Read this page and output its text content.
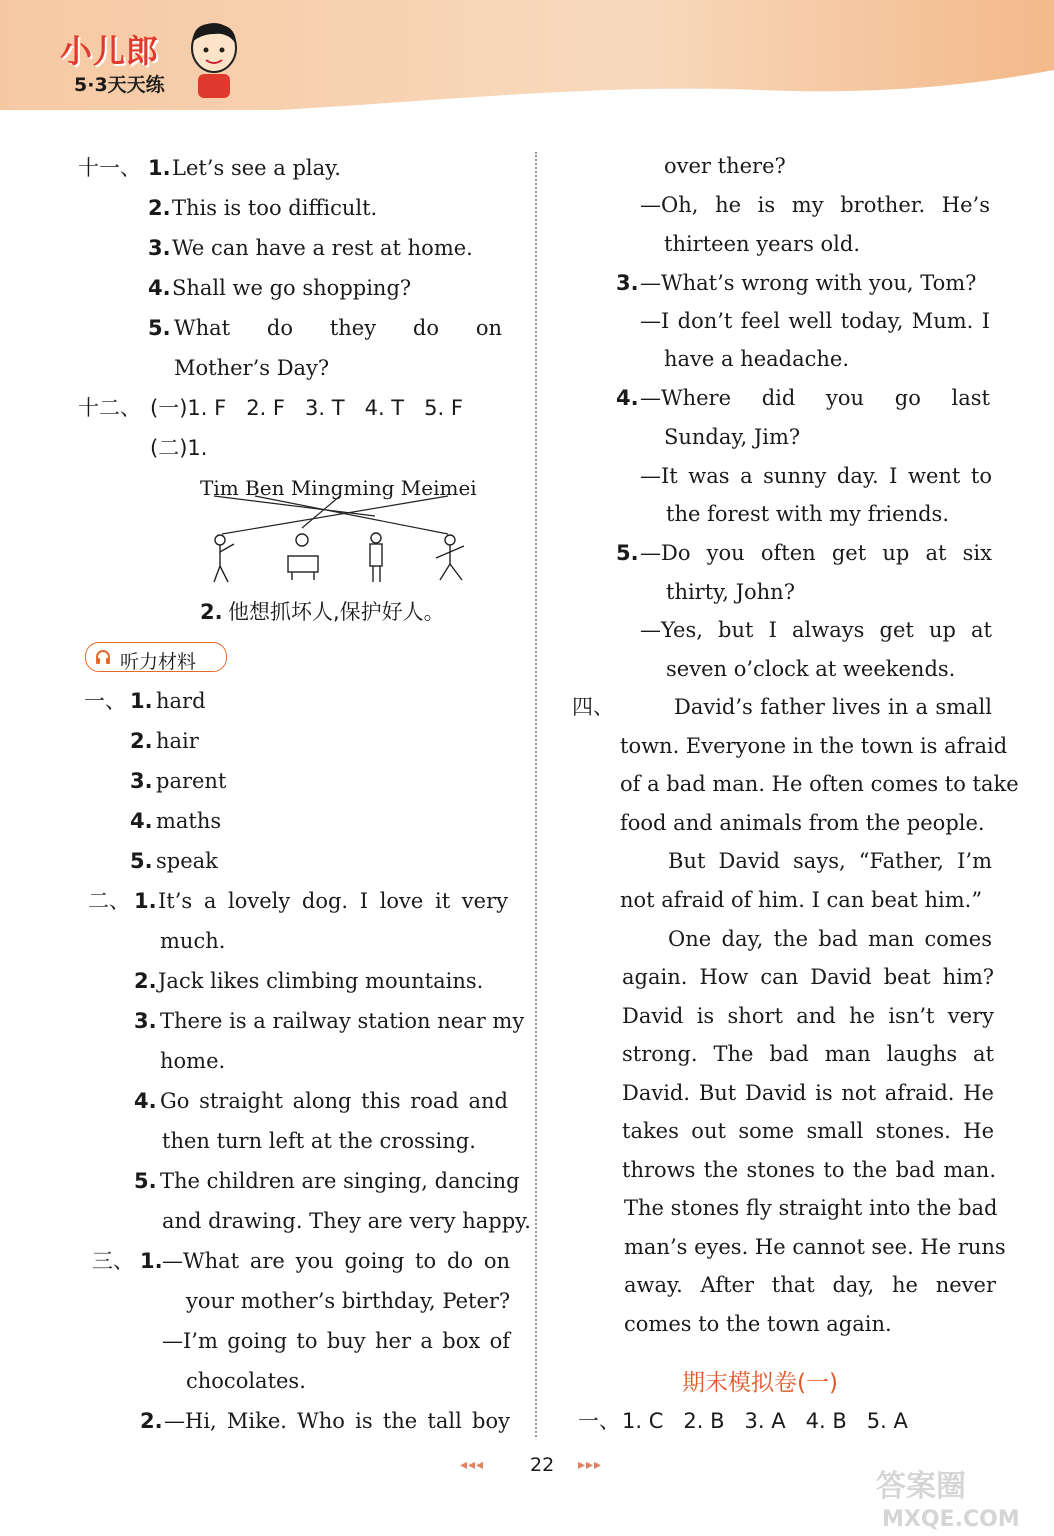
小儿郎
5·3天天练
十一、 1. Let’s see a play.
2. This is too difficult.
3. We can have a rest at home.
4. Shall we go shopping?
5. What do they do on
Mother’s Day?
十二、 (一)1. F   2. F   3. T   4. T   5. F
(二)1.
Tim Ben Mingming Meimei
2. 他想抓坏人,保护好人。
听力材料
一、 1. hard
2. hair
3. parent
4. maths
5. speak
二、 1. It’s a lovely dog. I love it very
much.
2. Jack likes climbing mountains.
3. There is a railway station near my
home.
4. Go straight along this road and
then turn left at the crossing.
5. The children are singing, dancing
and drawing. They are very happy.
三、 1. —What are you going to do on
your mother’s birthday, Peter?
—I’m going to buy her a box of
chocolates.
2. —Hi, Mike. Who is the tall boy
over there?
—Oh, he is my brother. He’s
thirteen years old.
3. —What’s wrong with you, Tom?
—I don’t feel well today, Mum. I
have a headache.
4. —Where did you go last
Sunday, Jim?
—It was a sunny day. I went to
the forest with my friends.
5. —Do you often get up at six
thirty, John?
—Yes, but I always get up at
seven o’clock at weekends.
四、	David’s father lives in a small
town. Everyone in the town is afraid
of a bad man. He often comes to take
food and animals from the people.
But David says, “Father, I’m
not afraid of him. I can beat him.”
One day, the bad man comes
again. How can David beat him?
David is short and he isn’t very
strong. The bad man laughs at
David. But David is not afraid. He
takes out some small stones. He
throws the stones to the bad man.
The stones fly straight into the bad
man’s eyes. He cannot see. He runs
away. After that day, he never
comes to the town again.
期末模拟卷(一)
一、 1. C   2. B   3. A   4. B   5. A
◂◂◂ 22 ▸▸▸
答案圈
MXQE.COM
